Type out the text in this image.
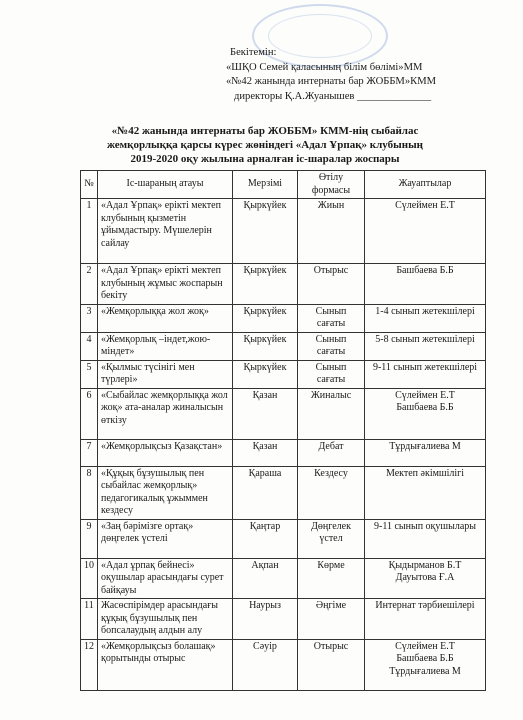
Бекітемін:
«ШҚО Семей қаласының білім бөлімі»ММ
«№42 жанында интернаты бар ЖОББМ»КММ
директоры Қ.А.Жуанышев ______________
«№42 жанында интернаты бар ЖОББМ» КММ-нің сыбайлас
жемқорлыққа қарсы күрес жөніндегі «Адал Ұрпақ» клубының
2019-2020 оқу жылына арналған іс-шаралар жоспары
№	Іс-шараның атауы	Мерзімі	Өтілу формасы	Жауаптылар
1	«Адал Ұрпақ» ерікті мектеп клубының қызметін ұйымдастыру. Мүшелерін сайлау	Қыркүйек	Жиын	Сүлеймен Е.Т
2	«Адал Ұрпақ» ерікті мектеп клубының жұмыс жоспарын бекіту	Қыркүйек	Отырыс	Башбаева Б.Б
3	«Жемқорлыққа жол жоқ»	Қыркүйек	Сынып сағаты	1-4 сынып жетекшілері
4	«Жемқорлық –індет,жою-міндет»	Қыркүйек	Сынып сағаты	5-8 сынып жетекшілері
5	«Қылмыс түсінігі мен түрлері»	Қыркүйек	Сынып сағаты	9-11 сынып жетекшілері
6	«Сыбайлас жемқорлыққа жол жоқ» ата-аналар жиналысын өткізу	Қазан	Жиналыс	Сүлеймен Е.Т
Башбаева Б.Б

7	«Жемқорлықсыз Қазақстан»	Қазан	Дебат	Тұрдығалиева М
8	«Құқық бұзушылық пен сыбайлас жемқорлық» педагогикалық ұжыммен кездесу	Қараша	Кездесу	Мектеп әкімшілігі
9	«Заң бәрімізге ортақ» дөңгелек үстелі	Қаңтар	Дөңгелек үстел	9-11 сынып оқушылары
10	«Адал ұрпақ бейнесі» оқушылар арасындағы сурет байқауы	Ақпан	Көрме	Қыдырманов Б.Т
Дауытова Ғ.А

11	Жасөспірімдер арасындағы құқық бұзушылық пен бопсалаудың алдын алу	Наурыз	Әңгіме	Интернат тәрбиешілері
12	«Жемқорлықсыз болашақ» қорытынды отырыс	Сәуір	Отырыс	Сүлеймен Е.Т
Башбаева Б.Б
Тұрдығалиева М
